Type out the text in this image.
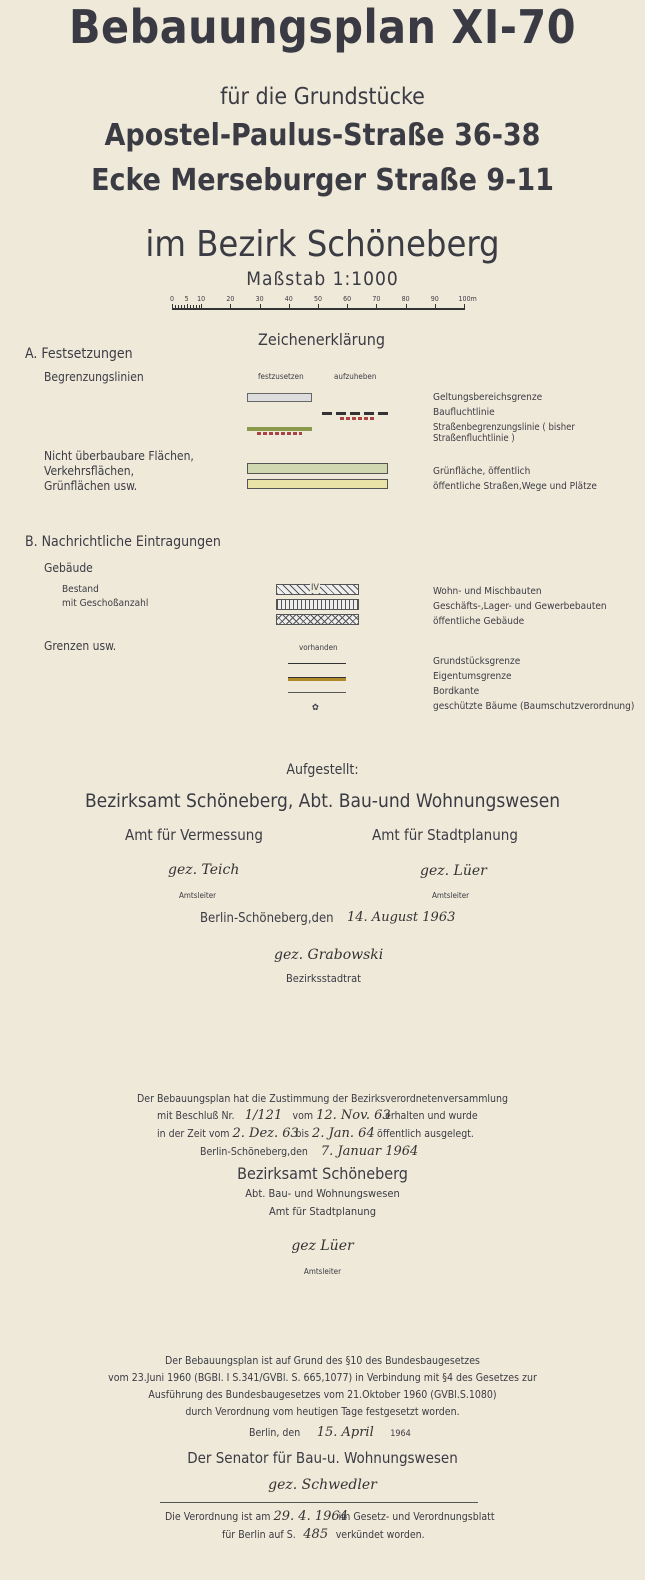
Bebauungsplan XI-70
für die Grundstücke
Apostel-Paulus-Straße 36-38
Ecke Merseburger Straße 9-11
im Bezirk Schöneberg
Maßstab 1:1000
0 5 10	20	30	40	50	60	70	80	90	100m
Zeichenerklärung
A. Festsetzungen
Begrenzungslinien	festzusetzen	aufzuheben
Geltungsbereichsgrenze
Baufluchtlinie
Straßenbegrenzungslinie ( bisher Straßenfluchtlinie )
Nicht überbaubare Flächen,
Verkehrsflächen,
Grünflächen usw.
Grünfläche, öffentlich
öffentliche Straßen,Wege und Plätze
B. Nachrichtliche Eintragungen
Gebäude
Bestand
mit Geschoßanzahl
IV	Wohn- und Mischbauten
Geschäfts-,Lager- und Gewerbebauten
öffentliche Gebäude
Grenzen usw.	vorhanden
✿
Grundstücksgrenze
Eigentumsgrenze
Bordkante
geschützte Bäume (Baumschutzverordnung)
Aufgestellt:
Bezirksamt Schöneberg, Abt. Bau-und Wohnungswesen
Amt für Vermessung	Amt für Stadtplanung
gez. Teich	gez. Lüer
Amtsleiter	Amtsleiter
Berlin-Schöneberg,den 14. August 1963
gez. Grabowski
Bezirksstadtrat
Der Bebauungsplan hat die Zustimmung der Bezirksverordnetenversammlung
mit Beschluß Nr. 1/121 vom 12. Nov. 63 erhalten und wurde
in der Zeit vom 2. Dez. 63 bis 2. Jan. 64 öffentlich ausgelegt.
Berlin-Schöneberg,den 7. Januar 1964
Bezirksamt Schöneberg
Abt. Bau- und Wohnungswesen
Amt für Stadtplanung
gez Lüer
Amtsleiter
Der Bebauungsplan ist auf Grund des §10 des Bundesbaugesetzes
vom 23.Juni 1960 (BGBl. I S.341/GVBl. S. 665,1077) in Verbindung mit §4 des Gesetzes zur
Ausführung des Bundesbaugesetzes vom 21.Oktober 1960 (GVBl.S.1080)
durch Verordnung vom heutigen Tage festgesetzt worden.
Berlin, den 15. April 1964
Der Senator für Bau-u. Wohnungswesen
gez. Schwedler
Die Verordnung ist am 29. 4. 1964 im Gesetz- und Verordnungsblatt
für Berlin auf S. 485 verkündet worden.
